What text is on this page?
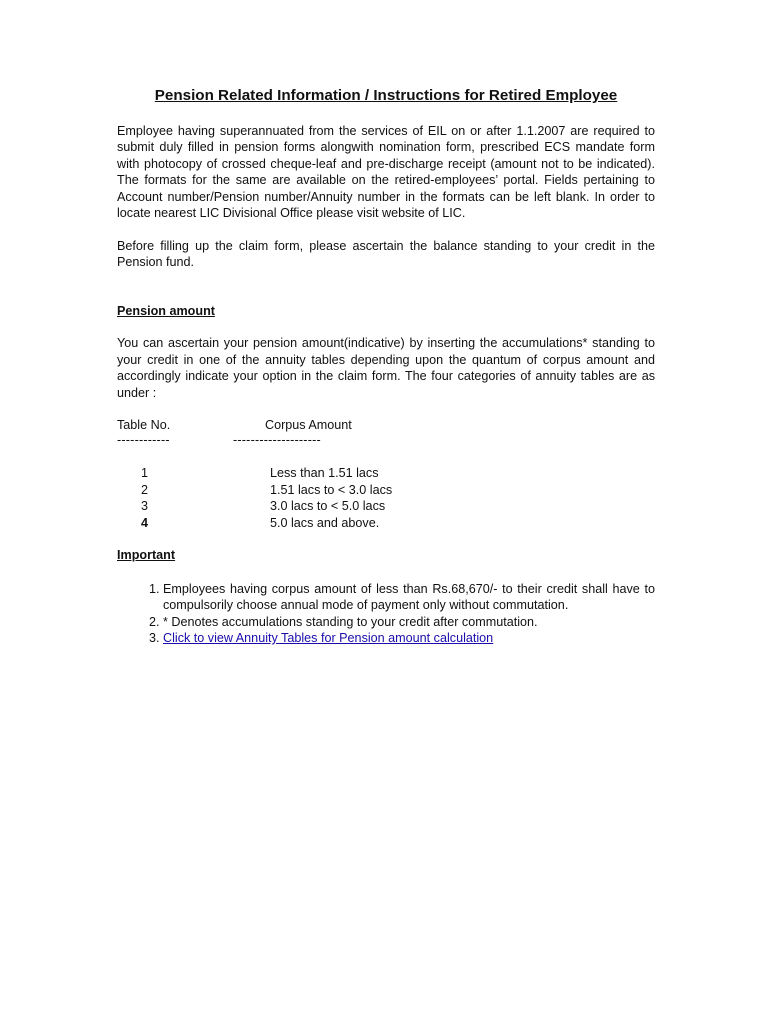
Pension Related Information / Instructions for Retired Employee

Employee having superannuated from the services of EIL on or after 1.1.2007 are required to submit duly filled in pension forms alongwith nomination form, prescribed ECS mandate form with photocopy of crossed cheque-leaf and pre-discharge receipt (amount not to be indicated). The formats for the same are available on the retired-employees’ portal. Fields pertaining to Account number/Pension number/Annuity number in the formats can be left blank. In order to locate nearest LIC Divisional Office please visit website of LIC.

Before filling up the claim form, please ascertain the balance standing to your credit in the Pension fund.

Pension amount

You can ascertain your pension amount(indicative) by inserting the accumulations* standing to your credit in one of the annuity tables depending upon the quantum of corpus amount and accordingly indicate your option in the claim form. The four categories of annuity tables are as under :

Table No.	Corpus Amount
------------	--------------------
1	Less than 1.51 lacs
2	1.51 lacs to < 3.0 lacs
3	3.0 lacs to < 5.0 lacs
4	5.0 lacs and above.
Important
1. Employees having corpus amount of less than Rs.68,670/- to their credit shall have to compulsorily choose annual mode of payment only without commutation.
2. * Denotes accumulations standing to your credit after commutation.
3. Click to view Annuity Tables for Pension amount calculation
